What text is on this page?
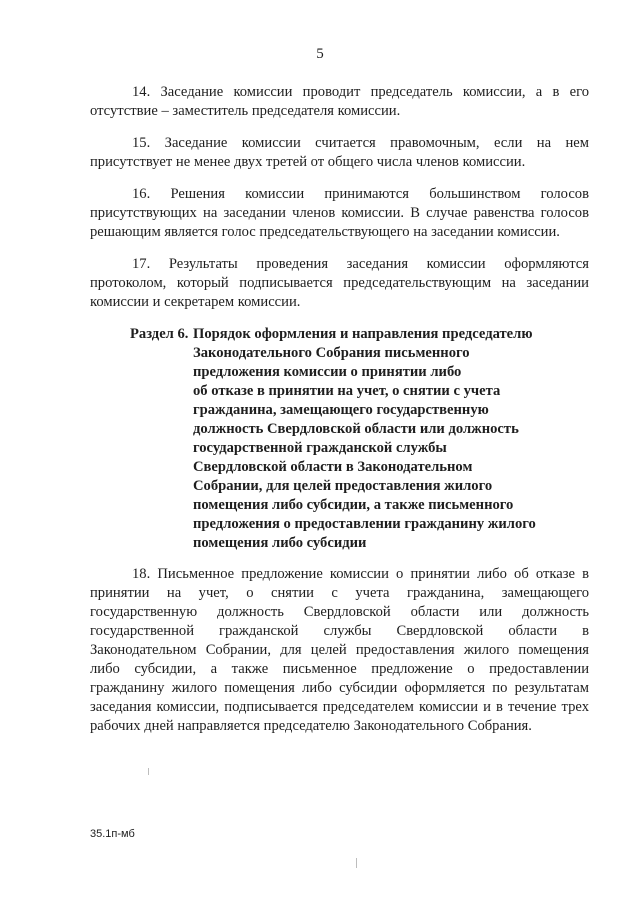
5

14. Заседание комиссии проводит председатель комиссии, а в его отсутствие – заместитель председателя комиссии.

15. Заседание комиссии считается правомочным, если на нем присутствует не менее двух третей от общего числа членов комиссии.

16. Решения комиссии принимаются большинством голосов присутствующих на заседании членов комиссии. В случае равенства голосов решающим является голос председательствующего на заседании комиссии.

17. Результаты проведения заседания комиссии оформляются протоколом, который подписывается председательствующим на заседании комиссии и секретарем комиссии.

Раздел 6. Порядок оформления и направления председателю
Законодательного Собрания письменного
предложения комиссии о принятии либо
об отказе в принятии на учет, о снятии с учета
гражданина, замещающего государственную
должность Свердловской области или должность
государственной гражданской службы
Свердловской области в Законодательном
Собрании, для целей предоставления жилого
помещения либо субсидии, а также письменного
предложения о предоставлении гражданину жилого
помещения либо субсидии

18. Письменное предложение комиссии о принятии либо об отказе в принятии на учет, о снятии с учета гражданина, замещающего государственную должность Свердловской области или должность государственной гражданской службы Свердловской области в Законодательном Собрании, для целей предоставления жилого помещения либо субсидии, а также письменное предложение о предоставлении гражданину жилого помещения либо субсидии оформляется по результатам заседания комиссии, подписывается председателем комиссии и в течение трех рабочих дней направляется председателю Законодательного Собрания.

35.1п-мб
